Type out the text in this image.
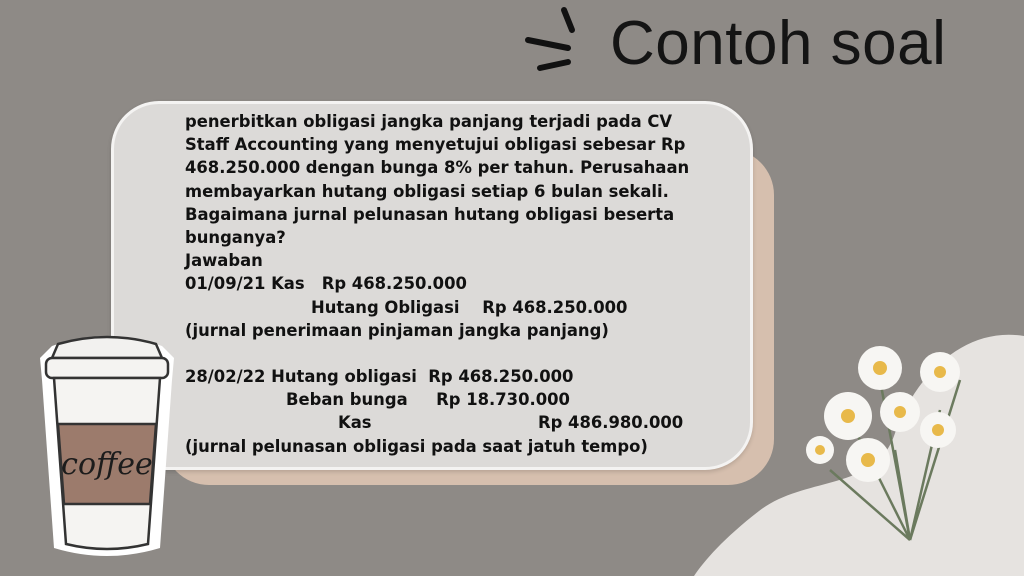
Contoh soal

penerbitkan obligasi jangka panjang terjadi pada CV

Staff Accounting yang menyetujui obligasi sebesar Rp

468.250.000 dengan bunga 8% per tahun. Perusahaan

membayarkan hutang obligasi setiap 6 bulan sekali.

Bagaimana jurnal pelunasan hutang obligasi beserta

bunganya?

Jawaban

01/09/21 Kas   Rp 468.250.000

Hutang Obligasi    Rp 468.250.000

(jurnal penerimaan pinjaman jangka panjang)

28/02/22 Hutang obligasi  Rp 468.250.000

Beban bunga     Rp 18.730.000

Kas	Rp 486.980.000

(jurnal pelunasan obligasi pada saat jatuh tempo)

coffee
